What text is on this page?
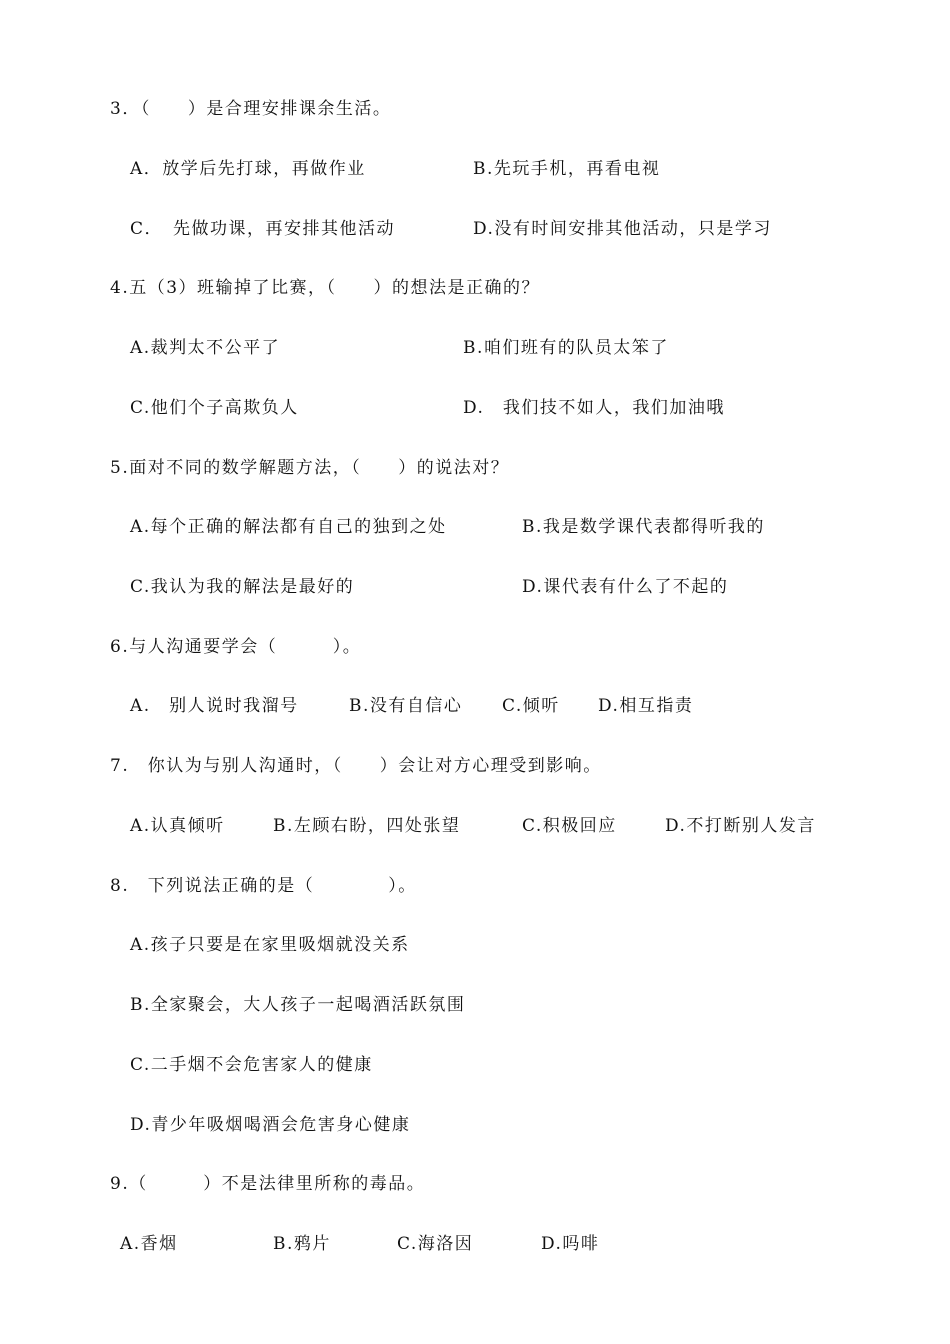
3．（　　）是合理安排课余生活。
A．放学后先打球，再做作业	B.先玩手机，再看电视
C．　先做功课，再安排其他活动	D.没有时间安排其他活动，只是学习
4.五（3）班输掉了比赛，（　　）的想法是正确的？
A.裁判太不公平了	B.咱们班有的队员太笨了
C.他们个子高欺负人	D.　我们技不如人，我们加油哦
5.面对不同的数学解题方法，（　　）的说法对？
A.每个正确的解法都有自己的独到之处	B.我是数学课代表都得听我的
C.我认为我的解法是最好的	D.课代表有什么了不起的
6.与人沟通要学会（　　　）。
A.　别人说时我溜号	B.没有自信心 C.倾听 D.相互指责
7.　你认为与别人沟通时，（　　）会让对方心理受到影响。
A.认真倾听	B.左顾右盼，四处张望	C.积极回应	D.不打断别人发言
8.　下列说法正确的是（　　　　）。
A.孩子只要是在家里吸烟就没关系
B.全家聚会，大人孩子一起喝酒活跃氛围
C.二手烟不会危害家人的健康
D.青少年吸烟喝酒会危害身心健康
9.（　　　）不是法律里所称的毒品。
A.香烟	B.鸦片	C.海洛因	D.吗啡
